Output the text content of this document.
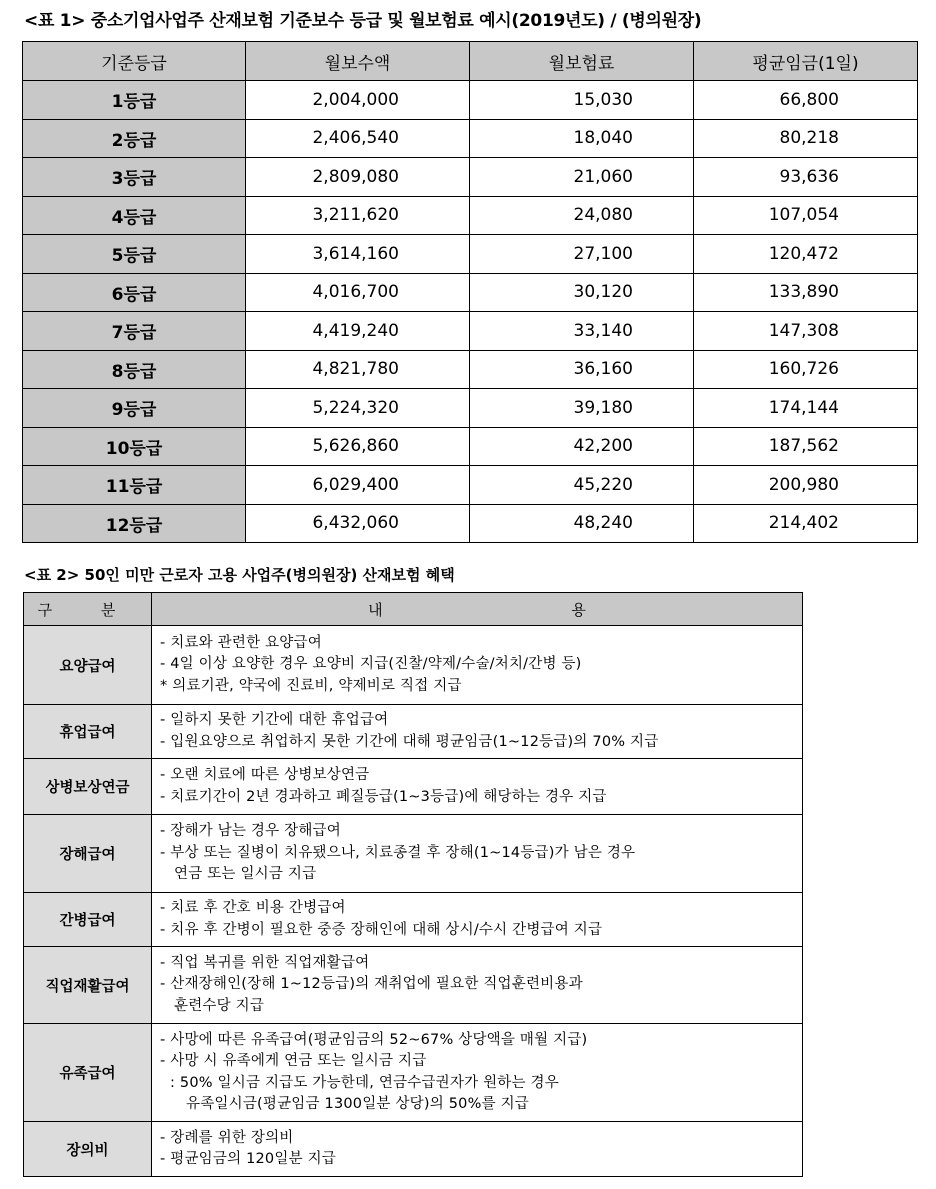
<표 1> 중소기업사업주 산재보험 기준보수 등급 및 월보험료 예시(2019년도) / (병의원장)
기준등급	월보수액	월보험료	평균임금(1일)
1등급	2,004,000	15,030	66,800
2등급	2,406,540	18,040	80,218
3등급	2,809,080	21,060	93,636
4등급	3,211,620	24,080	107,054
5등급	3,614,160	27,100	120,472
6등급	4,016,700	30,120	133,890
7등급	4,419,240	33,140	147,308
8등급	4,821,780	36,160	160,726
9등급	5,224,320	39,180	174,144
10등급	5,626,860	42,200	187,562
11등급	6,029,400	45,220	200,980
12등급	6,432,060	48,240	214,402
<표 2> 50인 미만 근로자 고용 사업주(병의원장) 산재보험 혜택
구 분	내 용
요양급여	- 치료와 관련한 요양급여
- 4일 이상 요양한 경우 요양비 지급(진찰/약제/수술/처치/간병 등)
* 의료기관, 약국에 진료비, 약제비로 직접 지급

휴업급여	- 일하지 못한 기간에 대한 휴업급여
- 입원요양으로 취업하지 못한 기간에 대해 평균임금(1~12등급)의 70% 지급

상병보상연금	- 오랜 치료에 따른 상병보상연금
- 치료기간이 2년 경과하고 폐질등급(1~3등급)에 해당하는 경우 지급

장해급여	- 장해가 남는 경우 장해급여
- 부상 또는 질병이 치유됐으나, 치료종결 후 장해(1~14등급)가 남은 경우
연금 또는 일시금 지급

간병급여	- 치료 후 간호 비용 간병급여
- 치유 후 간병이 필요한 중증 장해인에 대해 상시/수시 간병급여 지급

직업재활급여	- 직업 복귀를 위한 직업재활급여
- 산재장해인(장해 1~12등급)의 재취업에 필요한 직업훈련비용과
훈련수당 지급

유족급여	- 사망에 따른 유족급여(평균임금의 52~67% 상당액을 매월 지급)
- 사망 시 유족에게 연금 또는 일시금 지급
: 50% 일시금 지급도 가능한데, 연금수급권자가 원하는 경우
유족일시금(평균임금 1300일분 상당)의 50%를 지급

장의비	- 장례를 위한 장의비
- 평균임금의 120일분 지급
